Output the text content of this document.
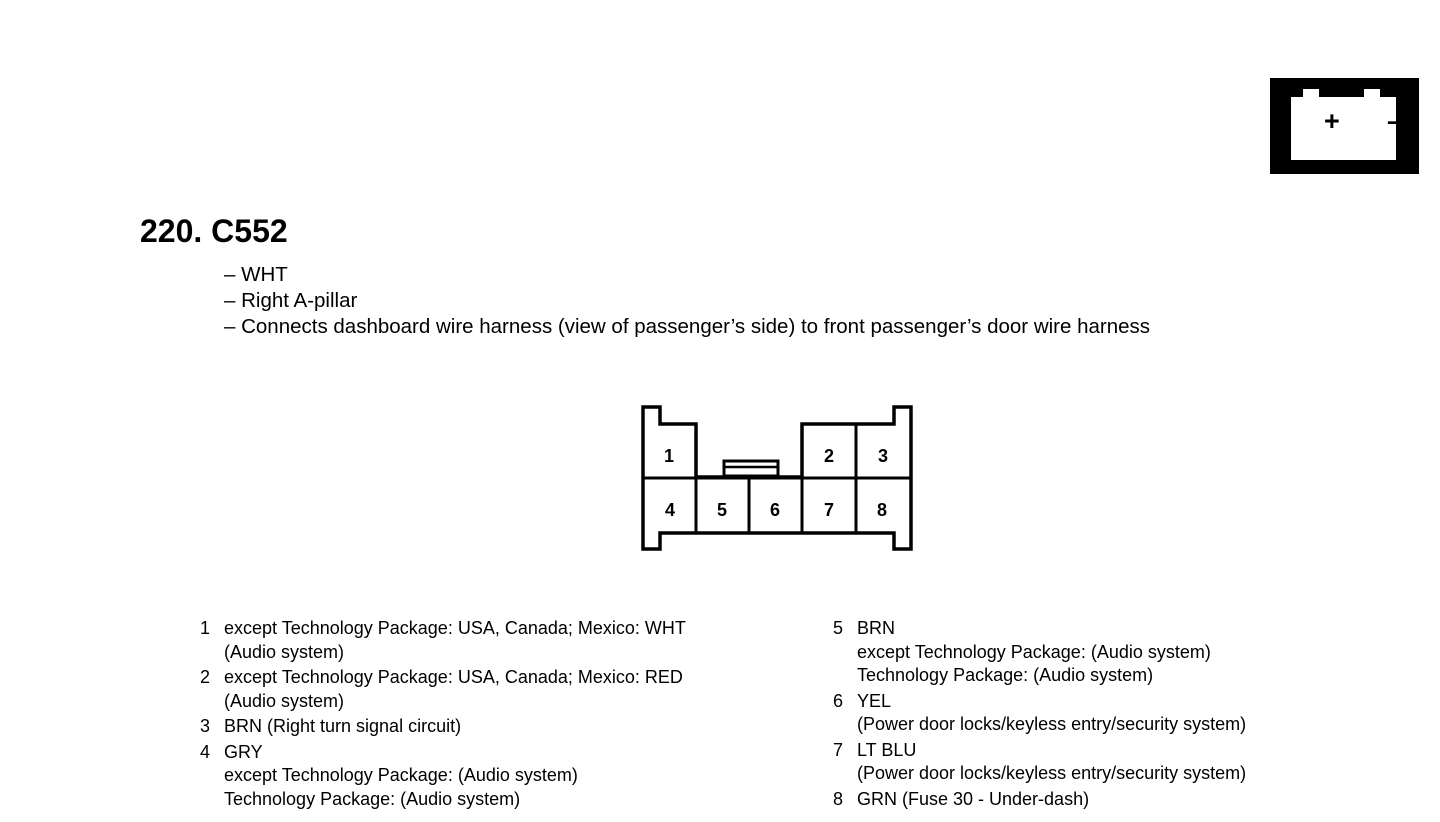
+ –
220. C552
– WHT
– Right A-pillar
– Connects dashboard wire harness (view of passenger’s side) to front passenger’s door wire harness
1	2 3
4 5 6 7 8
1 except Technology Package: USA, Canada; Mexico: WHT
(Audio system)
2 except Technology Package: USA, Canada; Mexico: RED
(Audio system)
3 BRN (Right turn signal circuit)
4 GRY
except Technology Package: (Audio system)
Technology Package: (Audio system)
5 BRN
except Technology Package: (Audio system)
Technology Package: (Audio system)
6 YEL
(Power door locks/keyless entry/security system)
7 LT BLU
(Power door locks/keyless entry/security system)
8 GRN (Fuse 30 - Under-dash)
